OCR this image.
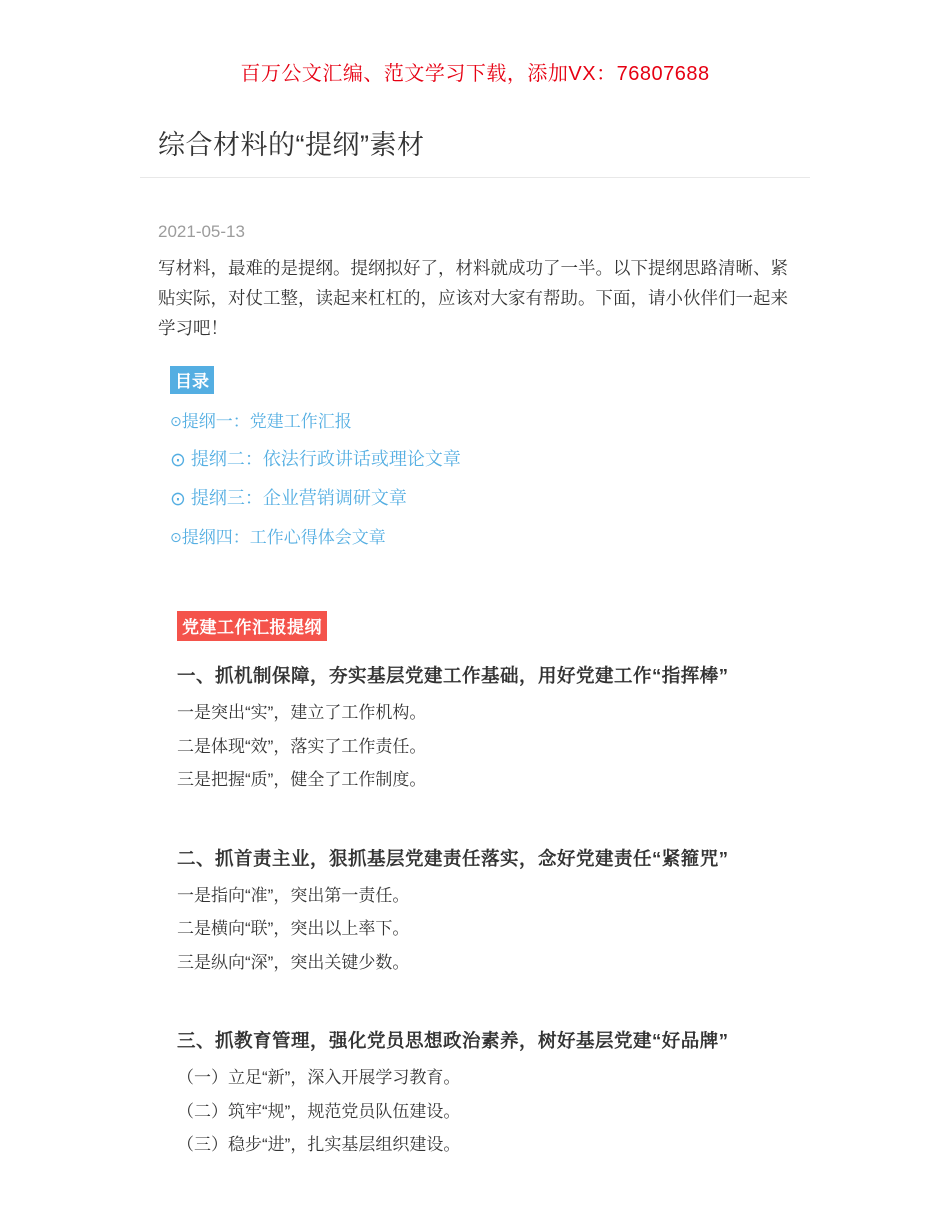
百万公文汇编、范文学习下载，添加VX：76807688
综合材料的“提纲”素材
2021-05-13

写材料，最难的是提纲。提纲拟好了，材料就成功了一半。以下提纲思路清晰、紧贴实际，对仗工整，读起来杠杠的，应该对大家有帮助。下面，请小伙伴们一起来学习吧！

目录
⊙提纲一：党建工作汇报
⊙ 提纲二：依法行政讲话或理论文章
⊙ 提纲三：企业营销调研文章
⊙提纲四：工作心得体会文章
党建工作汇报提纲
一、抓机制保障，夯实基层党建工作基础，用好党建工作“指挥棒”
一是突出“实”，建立了工作机构。
二是体现“效”，落实了工作责任。
三是把握“质”，健全了工作制度。
二、抓首责主业，狠抓基层党建责任落实，念好党建责任“紧箍咒”
一是指向“准”，突出第一责任。
二是横向“联”，突出以上率下。
三是纵向“深”，突出关键少数。
三、抓教育管理，强化党员思想政治素养，树好基层党建“好品牌”
（一）立足“新”，深入开展学习教育。
（二）筑牢“规”，规范党员队伍建设。
（三）稳步“进”，扎实基层组织建设。
